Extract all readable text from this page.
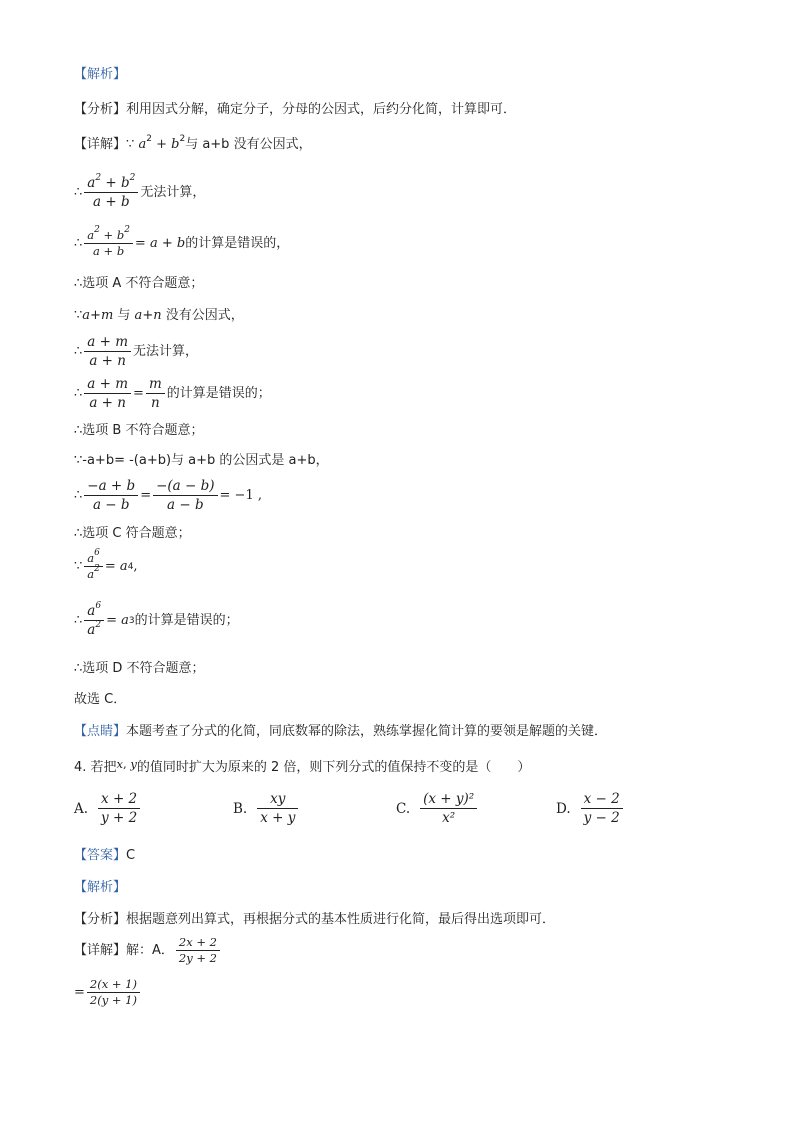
【解析】
【分析】利用因式分解，确定分子，分母的公因式，后约分化简，计算即可．
【详解】∵ $a^2 + b^2$与 a+b 没有公因式，
∴ $\frac{a^2 + b^2}{a + b}$ 无法计算，
∴ $\frac{a^2 + b^2}{a + b}$ =
a + b 的计算是错误的，
∴选项 A 不符合题意；
∵a+m 与 a+n 没有公因式，
∴ $\frac{a + m}{a + n}$ 无法计算，
∴ $\frac{a + m}{a + n} = \frac{m}{n}$ 的计算是错误的；
∴选项 B 不符合题意；
∵-a+b= -(a+b)与 a+b 的公因式是 a+b，
∴ $\frac{-a + b}{a - b} = \frac{-(a - b)}{a - b} = -1$ ,
∴选项 C 符合题意；
∵ $\frac{a^6}{a^2}$ =
a 4 ,
∴ $\frac{a^6}{a^2}$ =
a 3 的计算是错误的；
∴选项 D 不符合题意；
故选 C．
【点睛】本题考查了分式的化简，同底数幂的除法，熟练掌握化简计算的要领是解题的关键．
4. 若把x, y的值同时扩大为原来的 2 倍，则下列分式的值保持不变的是（　　）
A. $\frac{x + 2}{y + 2}$	B. $\frac{xy}{x + y}$	C. $\frac{\text{(x + y)²}}{\text{x²}}$	D. $\frac{x - 2}{y - 2}$
【答案】C
【解析】
【分析】根据题意列出算式，再根据分式的基本性质进行化简，最后得出选项即可．
【详解】 解：A． $\frac{2x + 2}{2y + 2}$
= $\frac{2(x + 1)}{2(y + 1)}$
